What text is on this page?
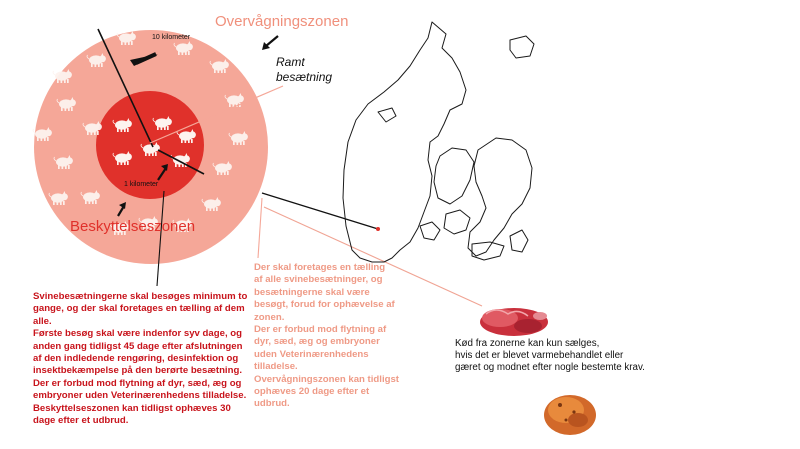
Overvågningszonen
10 kilometer
Ramt
besætning
1 kilometer
Beskyttelseszonen
Svinebesætningerne skal besøges minimum to
gange, og der skal foretages en tælling af dem
alle.
Første besøg skal være indenfor syv dage, og
anden gang tidligst 45 dage efter afslutningen
af den indledende rengøring, desinfektion og
insektbekæmpelse på den berørte besætning.
Der er forbud mod flytning af dyr, sæd, æg og
embryoner uden Veterinærenhedens tilladelse.
Beskyttelseszonen kan tidligst ophæves 30
dage efter et udbrud.
Der skal foretages en tælling
af alle svinebesætninger, og
besætningerne skal være
besøgt, forud for ophævelse af
zonen.
Der er forbud mod flytning af
dyr, sæd, æg og embryoner
uden Veterinærenhedens
tilladelse.
Overvågningszonen kan tidligst
ophæves 20 dage efter et
udbrud.
Kød fra zonerne kan kun sælges,
hvis det er blevet varmebehandlet eller
gæret og modnet efter nogle bestemte krav.
